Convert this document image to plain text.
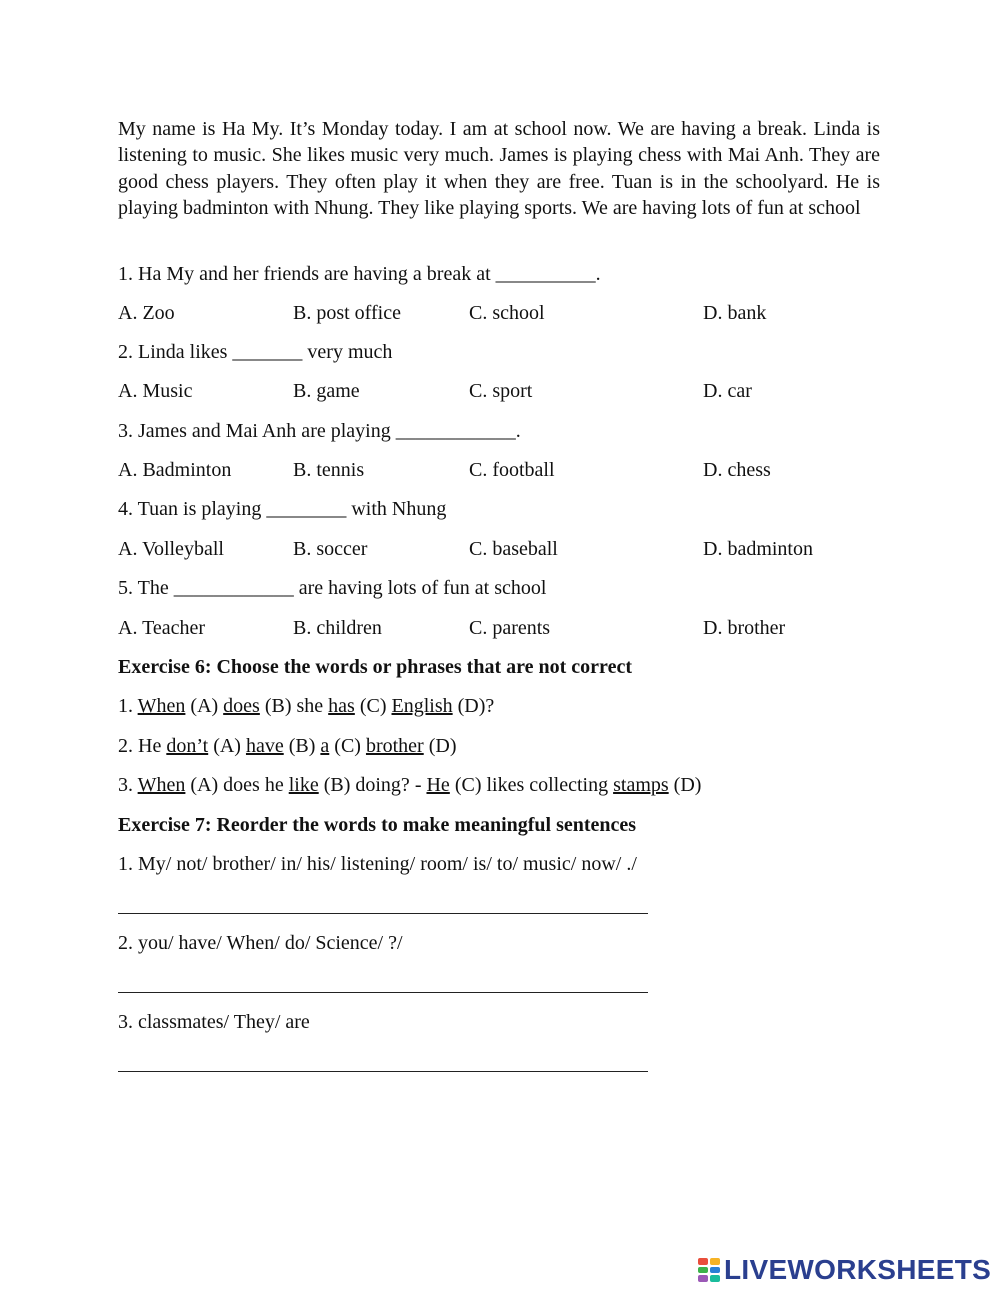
My name is Ha My. It’s Monday today. I am at school now. We are having a break. Linda is listening to music. She likes music very much. James is playing chess with Mai Anh. They are good chess players. They often play it when they are free. Tuan is in the schoolyard. He is playing badminton with Nhung. They like playing sports. We are having lots of fun at school
1. Ha My and her friends are having a break at __________.
A. Zoo	B. post office	C. school	D. bank
2. Linda likes _______ very much
A. Music	B. game	C. sport	D. car
3. James and Mai Anh are playing ____________.
A. Badminton	B. tennis	C. football	D. chess
4. Tuan is playing ________ with Nhung
A. Volleyball	B. soccer	C. baseball	D. badminton
5. The ____________ are having lots of fun at school
A. Teacher	B. children	C. parents	D. brother
Exercise 6: Choose the words or phrases that are not correct
1. When (A) does (B) she has (C) English (D)?
2. He don’t (A) have (B) a (C) brother (D)
3. When (A) does he like (B) doing? - He (C) likes collecting stamps (D)
Exercise 7: Reorder the words to make meaningful sentences
1. My/ not/ brother/ in/ his/ listening/ room/ is/ to/ music/ now/ ./
2. you/ have/ When/ do/ Science/ ?/
3. classmates/ They/ are
LIVEWORKSHEETS
